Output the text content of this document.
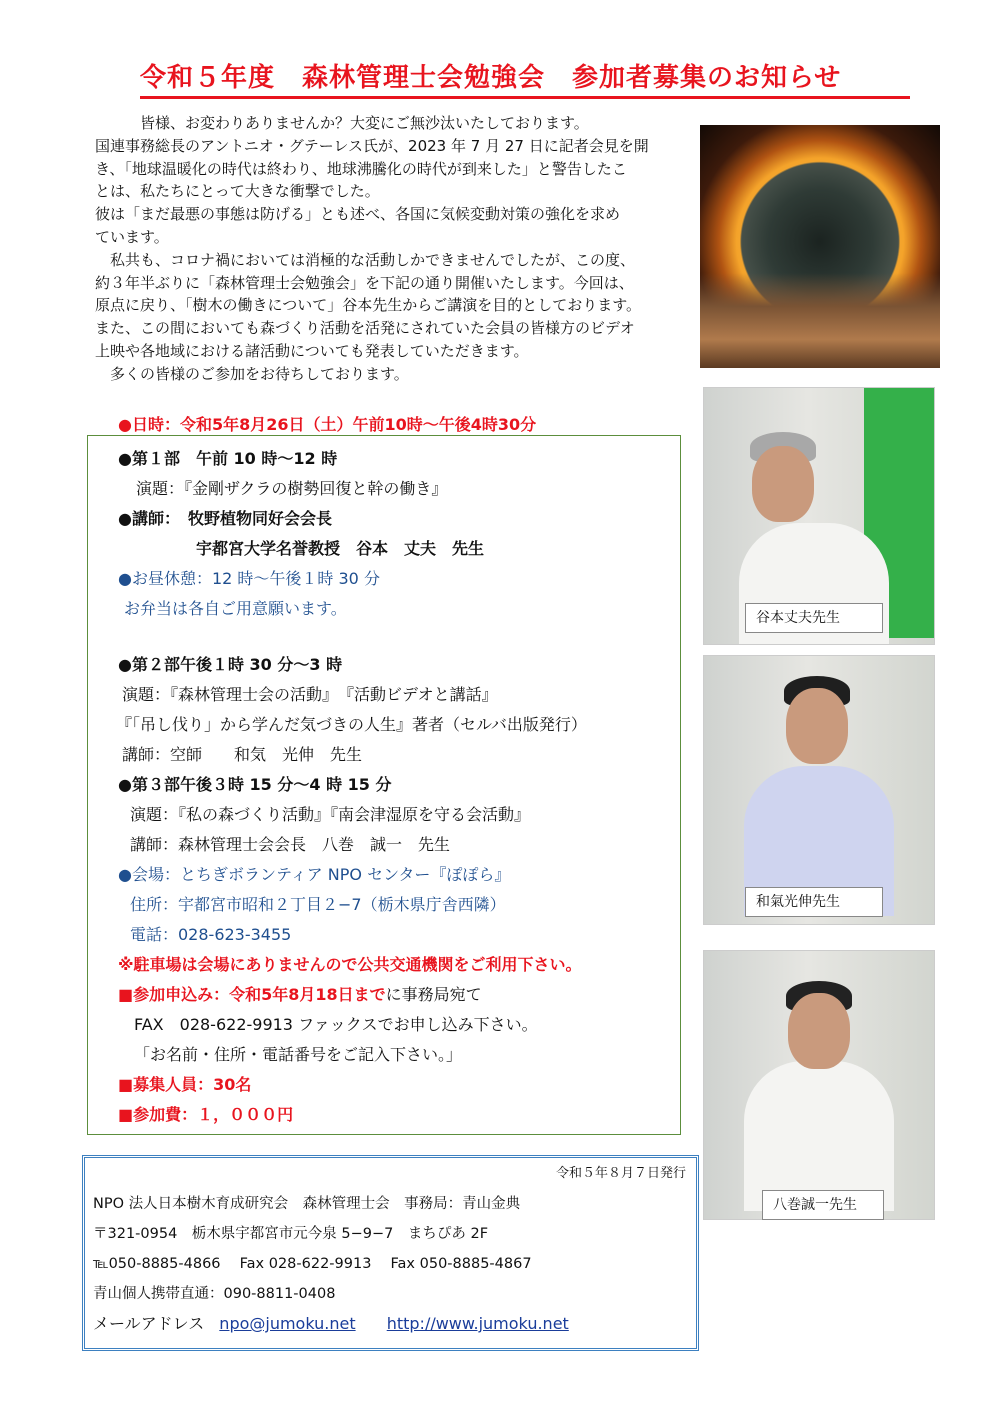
令和５年度　森林管理士会勉強会　参加者募集のお知らせ

　　　皆様、お変わりありませんか？大変にご無沙汰いたしております。

国連事務総長のアントニオ・グテーレス氏が、2023 年 7 月 27 日に記者会見を開

き、「地球温暖化の時代は終わり、地球沸騰化の時代が到来した」と警告したこ

とは、私たちにとって大きな衝撃でした。

彼は「まだ最悪の事態は防げる」とも述べ、各国に気候変動対策の強化を求め

ています。

　私共も、コロナ禍においては消極的な活動しかできませんでしたが、この度、

約３年半ぶりに「森林管理士会勉強会」を下記の通り開催いたします。今回は、

原点に戻り、「樹木の働きについて」谷本先生からご講演を目的としております。

また、この間においても森づくり活動を活発にされていた会員の皆様方のビデオ

上映や各地域における諸活動についても発表していただきます。

　多くの皆様のご参加をお待ちしております。

●日時：令和5年8月26日（土）午前10時～午後4時30分
●第１部　午前 10 時～12 時
演題：『金剛ザクラの樹勢回復と幹の働き』
●講師：　牧野植物同好会会長
宇都宮大学名誉教授　谷本　丈夫　先生
●お昼休憩：12 時～午後１時 30 分
お弁当は各自ご用意願います。
●第２部午後１時 30 分～3 時
演題：『森林管理士会の活動』　『活動ビデオと講話』
『「吊し伐り」から学んだ気づきの人生』著者（セルバ出版発行）
講師：空師　　和気　光伸　先生
●第３部午後３時 15 分～4 時 15 分
演題：『私の森づくり活動』『南会津湿原を守る会活動』
講師：森林管理士会会長　八巻　誠一　先生
●会場：とちぎボランティア NPO センター『ぽぽら』
住所：宇都宮市昭和２丁目２−7（栃木県庁舎西隣）
電話：028-623-3455
※駐車場は会場にありませんので公共交通機関をご利用下さい。
■参加申込み：令和5年8月18日までに事務局宛て
FAX　028-622-9913 ファックスでお申し込み下さい。
「お名前・住所・電話番号をご記入下さい。」
■募集人員：30名
■参加費：１，０００円
令和５年８月７日発行
NPO 法人日本樹木育成研究会　森林管理士会　事務局：青山金典
〒321-0954　栃木県宇都宮市元今泉 5−9−7　まちぴあ 2F
℡050-8885-4866　 Fax 028-622-9913　 Fax 050-8885-4867
青山個人携帯直通：090-8811-0408
メールアドレス npo@jumoku.net http://www.jumoku.net
谷本丈夫先生
和氣光伸先生
八巻誠一先生
